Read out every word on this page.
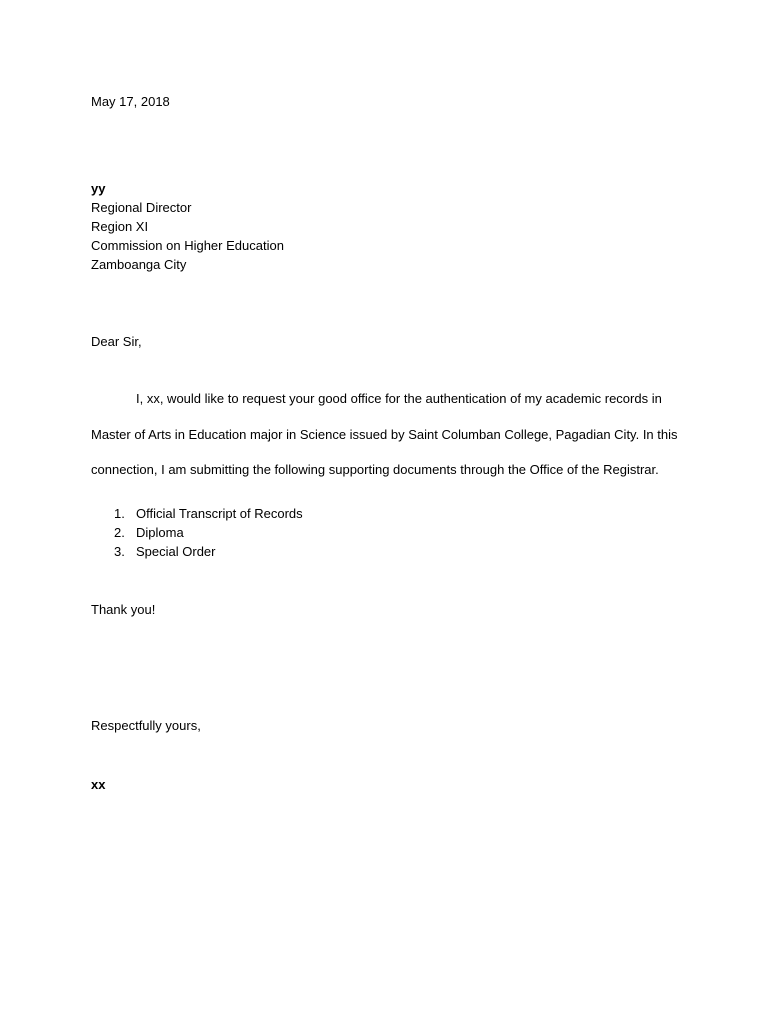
May 17, 2018
yy
Regional Director
Region XI
Commission on Higher Education
Zamboanga City
Dear Sir,
I, xx, would like to request your good office for the authentication of my academic records in
Master of Arts in Education major in Science issued by Saint Columban College, Pagadian City. In this
connection, I am submitting the following supporting documents through the Office of the Registrar.
1. Official Transcript of Records
2. Diploma
3. Special Order
Thank you!
Respectfully yours,
xx
